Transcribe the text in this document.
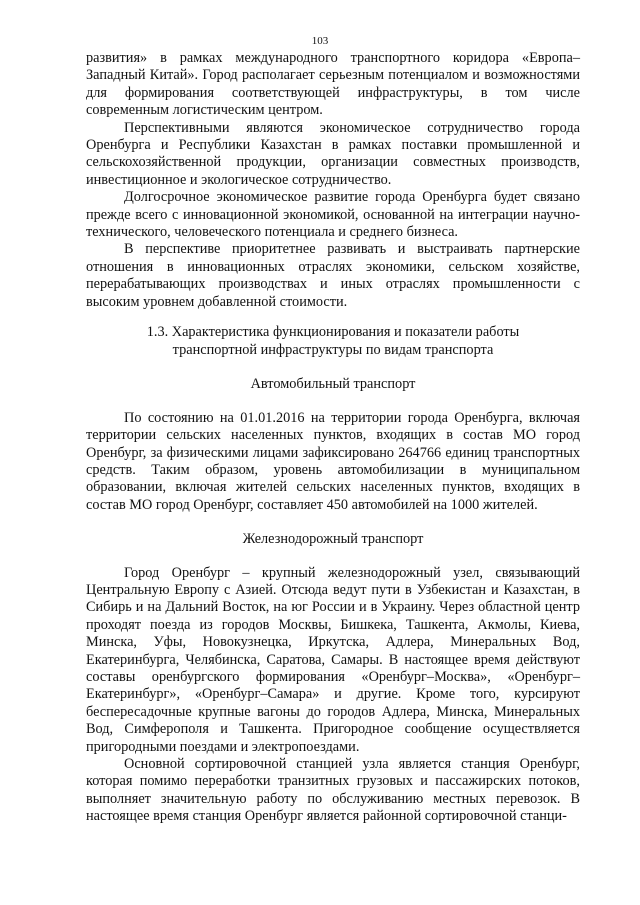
103

развития» в рамках международного транспортного коридора «Европа–Западный Китай». Город располагает серьезным потенциалом и возможностями для формирования соответствующей инфраструктуры, в том числе современным логистическим центром.

Перспективными являются экономическое сотрудничество города Оренбурга и Республики Казахстан в рамках поставки промышленной и сельскохозяйственной продукции, организации совместных производств, инвестиционное и экологическое сотрудничество.

Долгосрочное экономическое развитие города Оренбурга будет связано прежде всего с инновационной экономикой, основанной на интеграции научно-технического, человеческого потенциала и среднего бизнеса.

В перспективе приоритетнее развивать и выстраивать партнерские отношения в инновационных отраслях экономики, сельском хозяйстве, перерабатывающих производствах и иных отраслях промышленности с высоким уровнем добавленной стоимости.

1.3. Характеристика функционирования и показатели работы
транспортной инфраструктуры по видам транспорта
Автомобильный транспорт

По состоянию на 01.01.2016 на территории города Оренбурга, включая территории сельских населенных пунктов, входящих в состав МО город Оренбург, за физическими лицами зафиксировано 264766 единиц транспортных средств. Таким образом, уровень автомобилизации в муниципальном образовании, включая жителей сельских населенных пунктов, входящих в состав МО город Оренбург, составляет 450 автомобилей на 1000 жителей.

Железнодорожный транспорт

Город Оренбург – крупный железнодорожный узел, связывающий Центральную Европу с Азией. Отсюда ведут пути в Узбекистан и Казахстан, в Сибирь и на Дальний Восток, на юг России и в Украину. Через областной центр проходят поезда из городов Москвы, Бишкека, Ташкента, Акмолы, Киева, Минска, Уфы, Новокузнецка, Иркутска, Адлера, Минеральных Вод, Екатеринбурга, Челябинска, Саратова, Самары. В настоящее время действуют составы оренбургского формирования «Оренбург–Москва», «Оренбург–Екатеринбург», «Оренбург–Самара» и другие. Кроме того, курсируют беспересадочные крупные вагоны до городов Адлера, Минска, Минеральных Вод, Симферополя и Ташкента. Пригородное сообщение осуществляется пригородными поездами и электропоездами.

Основной сортировочной станцией узла является станция Оренбург, которая помимо переработки транзитных грузовых и пассажирских потоков, выполняет значительную работу по обслуживанию местных перевозок. В настоящее время станция Оренбург является районной сортировочной станци-
